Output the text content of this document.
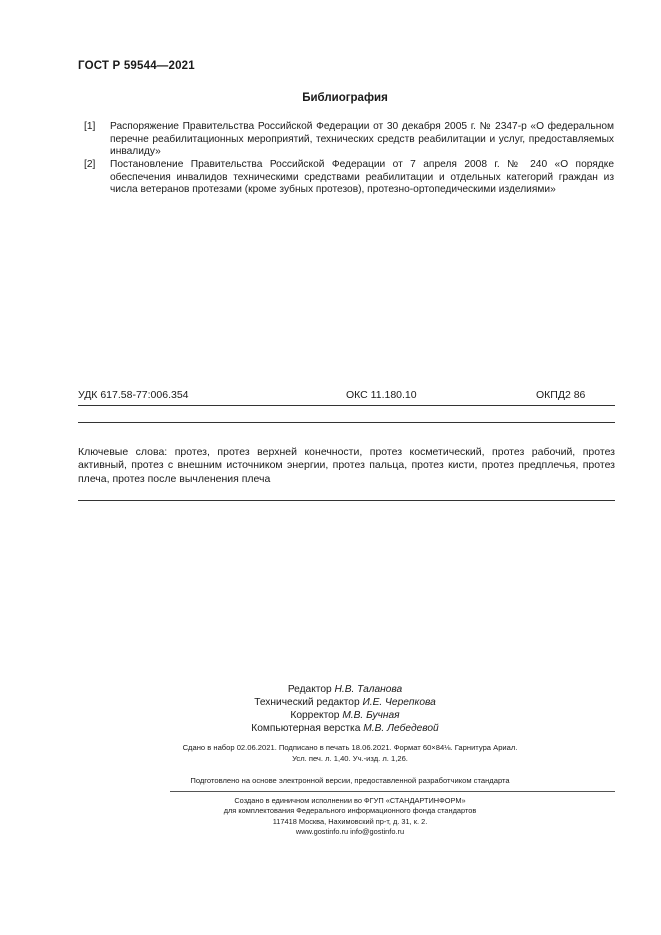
ГОСТ Р 59544—2021
Библиография
[1] Распоряжение Правительства Российской Федерации от 30 декабря 2005 г. № 2347-р «О федеральном перечне реабилитационных мероприятий, технических средств реабилитации и услуг, предоставляемых инвалиду»
[2] Постановление Правительства Российской Федерации от 7 апреля 2008 г. № 240 «О порядке обеспечения инвалидов техническими средствами реабилитации и отдельных категорий граждан из числа ветеранов протезами (кроме зубных протезов), протезно-ортопедическими изделиями»
УДК 617.58-77:006.354	ОКС 11.180.10	ОКПД2 86
Ключевые слова: протез, протез верхней конечности, протез косметический, протез рабочий, протез активный, протез с внешним источником энергии, протез пальца, протез кисти, протез предплечья, протез плеча, протез после вычленения плеча
Редактор Н.В. Таланова
Технический редактор И.Е. Черепкова
Корректор М.В. Бучная
Компьютерная верстка М.В. Лебедевой
Сдано в набор 02.06.2021. Подписано в печать 18.06.2021. Формат 60×84⅛. Гарнитура Ариал.
Усл. печ. л. 1,40. Уч.-изд. л. 1,26.
Подготовлено на основе электронной версии, предоставленной разработчиком стандарта
Создано в единичном исполнении во ФГУП «СТАНДАРТИНФОРМ»
для комплектования Федерального информационного фонда стандартов
117418 Москва, Нахимовский пр-т, д. 31, к. 2.
www.gostinfo.ru info@gostinfo.ru
